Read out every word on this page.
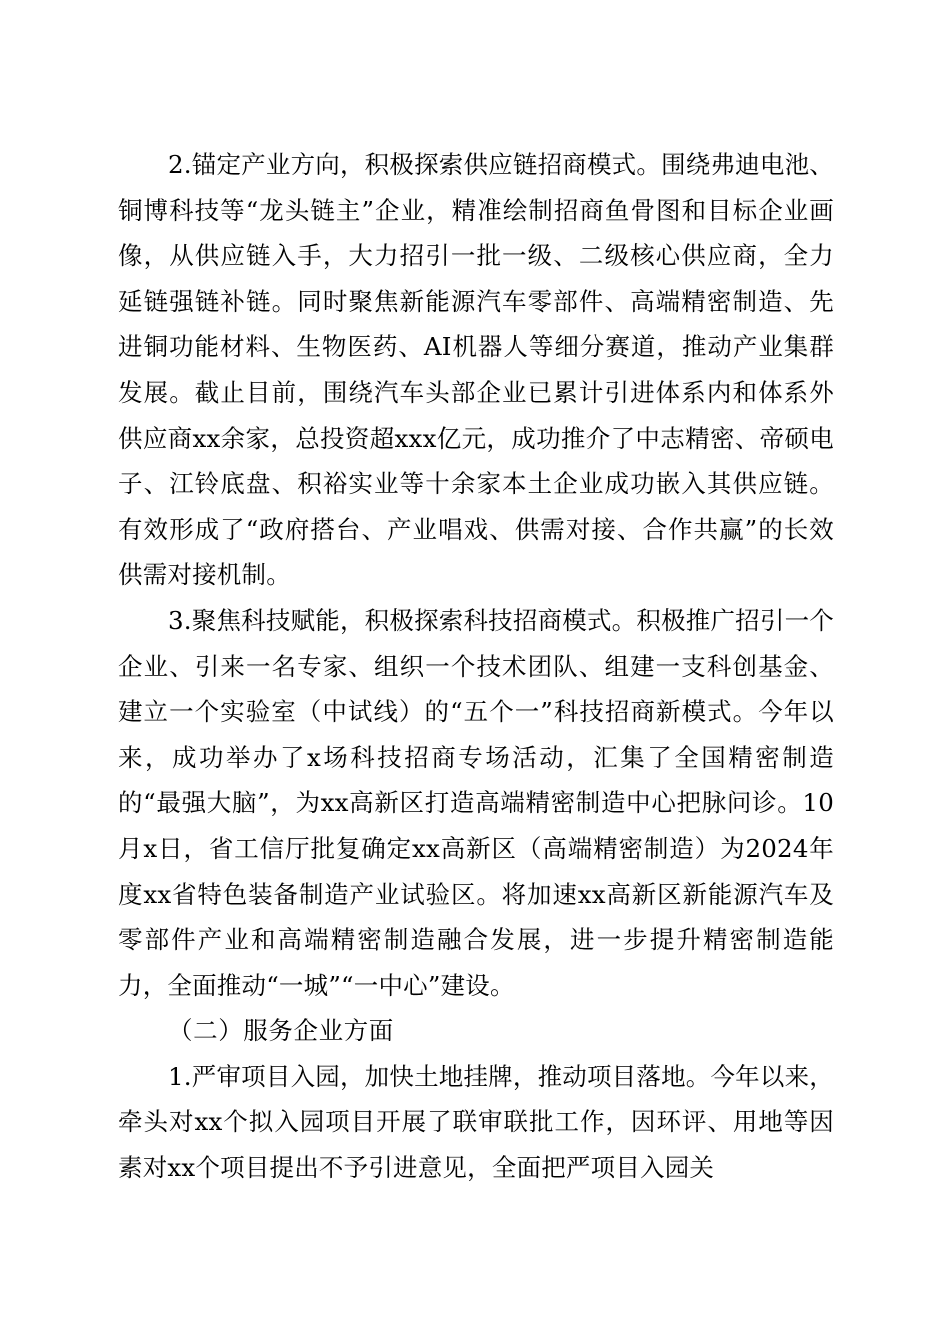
2.锚定产业方向，积极探索供应链招商模式。围绕弗迪电池、铜博科技等“龙头链主”企业，精准绘制招商鱼骨图和目标企业画像，从供应链入手，大力招引一批一级、二级核心供应商，全力延链强链补链。同时聚焦新能源汽车零部件、高端精密制造、先进铜功能材料、生物医药、AI机器人等细分赛道，推动产业集群发展。截止目前，围绕汽车头部企业已累计引进体系内和体系外供应商xx余家，总投资超xxx亿元，成功推介了中志精密、帝硕电子、江铃底盘、积裕实业等十余家本土企业成功嵌入其供应链。有效形成了“政府搭台、产业唱戏、供需对接、合作共赢”的长效供需对接机制。

3.聚焦科技赋能，积极探索科技招商模式。积极推广招引一个企业、引来一名专家、组织一个技术团队、组建一支科创基金、建立一个实验室（中试线）的“五个一”科技招商新模式。今年以来，成功举办了x场科技招商专场活动，汇集了全国精密制造的“最强大脑”，为xx高新区打造高端精密制造中心把脉问诊。10月x日，省工信厅批复确定xx高新区（高端精密制造）为2024年度xx省特色装备制造产业试验区。将加速xx高新区新能源汽车及零部件产业和高端精密制造融合发展，进一步提升精密制造能力，全面推动“一城”“一中心”建设。

（二）服务企业方面

1.严审项目入园，加快土地挂牌，推动项目落地。今年以来，牵头对xx个拟入园项目开展了联审联批工作，因环评、用地等因素对xx个项目提出不予引进意见，全面把严项目入园关
